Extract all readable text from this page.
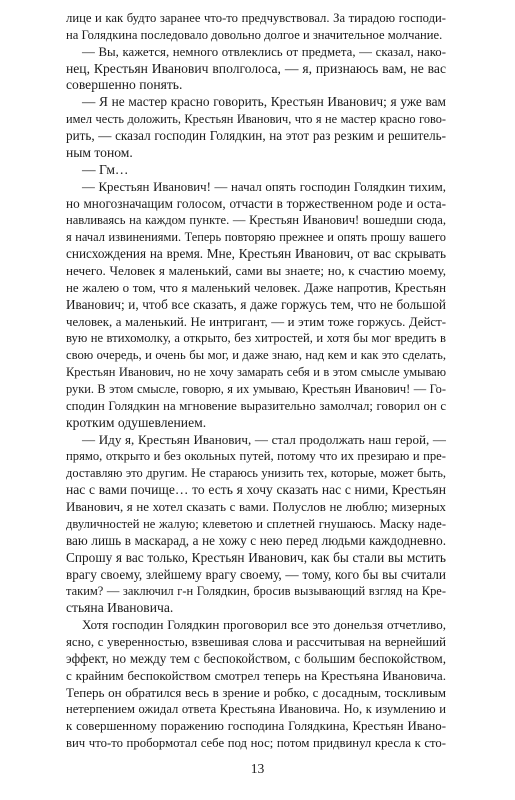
лице и как будто заранее что-то предчувствовал. За тирадою господи-
на Голядкина последовало довольно долгое и значительное молчание.
— Вы, кажется, немного отвлеклись от предмета, — сказал, нако-
нец, Крестьян Иванович вполголоса, — я, признаюсь вам, не вас
совершенно понять.
— Я не мастер красно говорить, Крестьян Иванович; я уже вам
имел честь доложить, Крестьян Иванович, что я не мастер красно гово-
рить, — сказал господин Голядкин, на этот раз резким и решитель-
ным тоном.
— Гм…
— Крестьян Иванович! — начал опять господин Голядкин тихим,
но многозначащим голосом, отчасти в торжественном роде и оста-
навливаясь на каждом пункте. — Крестьян Иванович! вошедши сюда,
я начал извинениями. Теперь повторяю прежнее и опять прошу вашего
снисхождения на время. Мне, Крестьян Иванович, от вас скрывать
нечего. Человек я маленький, сами вы знаете; но, к счастию моему,
не жалею о том, что я маленький человек. Даже напротив, Крестьян
Иванович; и, чтоб все сказать, я даже горжусь тем, что не большой
человек, а маленький. Не интригант, — и этим тоже горжусь. Дейст-
вую не втихомолку, а открыто, без хитростей, и хотя бы мог вредить в
свою очередь, и очень бы мог, и даже знаю, над кем и как это сделать,
Крестьян Иванович, но не хочу замарать себя и в этом смысле умываю
руки. В этом смысле, говорю, я их умываю, Крестьян Иванович! — Го-
сподин Голядкин на мгновение выразительно замолчал; говорил он с
кротким одушевлением.
— Иду я, Крестьян Иванович, — стал продолжать наш герой, —
прямо, открыто и без окольных путей, потому что их презираю и пре-
доставляю это другим. Не стараюсь унизить тех, которые, может быть,
нас с вами почище… то есть я хочу сказать нас с ними, Крестьян
Иванович, я не хотел сказать с вами. Полуслов не люблю; мизерных
двуличностей не жалую; клеветою и сплетней гнушаюсь. Маску наде-
ваю лишь в маскарад, а не хожу с нею перед людьми каждодневно.
Спрошу я вас только, Крестьян Иванович, как бы стали вы мстить
врагу своему, злейшему врагу своему, — тому, кого бы вы считали
таким? — заключил г-н Голядкин, бросив вызывающий взгляд на Кре-
стьяна Ивановича.
Хотя господин Голядкин проговорил все это донельзя отчетливо,
ясно, с уверенностью, взвешивая слова и рассчитывая на вернейший
эффект, но между тем с беспокойством, с большим беспокойством,
с крайним беспокойством смотрел теперь на Крестьяна Ивановича.
Теперь он обратился весь в зрение и робко, с досадным, тоскливым
нетерпением ожидал ответа Крестьяна Ивановича. Но, к изумлению и
к совершенному поражению господина Голядкина, Крестьян Ивано-
вич что-то пробормотал себе под нос; потом придвинул кресла к сто-
13
